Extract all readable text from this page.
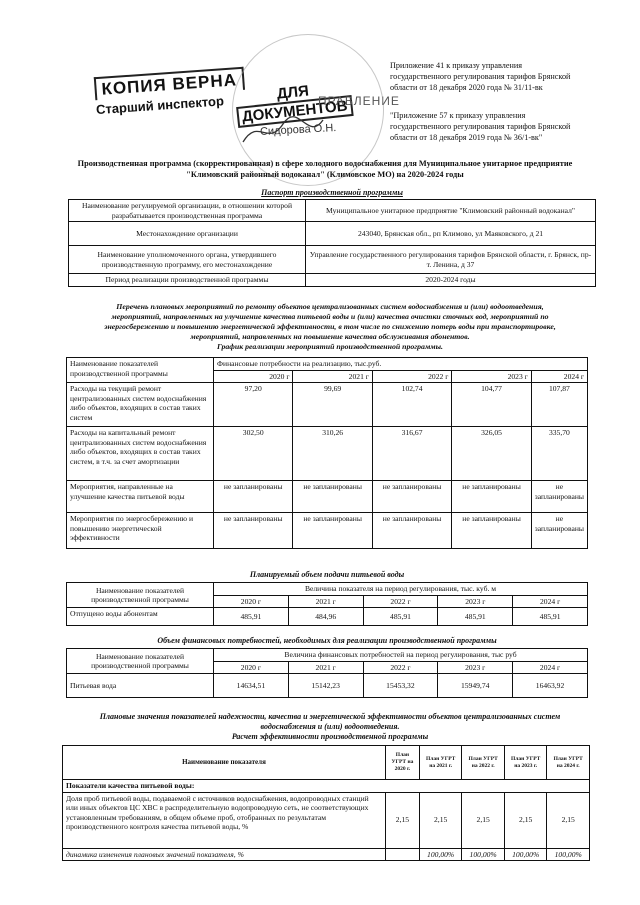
Приложение 41 к приказу управления
государственного регулирования тарифов Брянской
области от 18 декабря 2020 года № 31/11-вк
"Приложение 57 к приказу управления
государственного регулирования тарифов Брянской
области от 18 декабря 2019 года № 36/1-вк"
КОПИЯ ВЕРНА
Старший инспектор
ДЛЯ
ДОКУМЕНТОВ
ПРАВЛЕНИЕ
Сидорова О.Н.
Производственная программа (скорректированная) в сфере холодного водоснабжения для Муниципальное унитарное предприятие
"Климовский районный водоканал" (Климовское МО) на 2020-2024 годы
Паспорт производственной программы
Наименование регулируемой организации, в отношении которой разрабатывается производственная программа	Муниципальное унитарное предприятие "Климовский районный водоканал"
Местонахождение организации	243040, Брянская обл., рп Климово, ул Маяковского, д 21
Наименование уполномоченного органа, утвердившего производственную программу, его местонахождение	Управление государственного регулирования тарифов Брянской области, г. Брянск, пр-т. Ленина, д 37
Период реализации производственной программы	2020-2024 годы
Перечень плановых мероприятий по ремонту объектов централизованных систем водоснабжения и (или) водоотведения,
мероприятий, направленных на улучшение качества питьевой воды и (или) качества очистки сточных вод, мероприятий по
энергосбережению и повышению энергетической эффективности, в том числе по снижению потерь воды при транспортировке,
мероприятий, направленных на повышение качества обслуживания абонентов.
График реализации мероприятий производственной программы.
Наименование показателей производственной программы	Финансовые потребности на реализацию, тыс.руб.				
	2020 г	2021 г	2022 г	2023 г	2024 г
Расходы на текущий ремонт централизованных систем водоснабжения либо объектов, входящих в состав таких систем	97,20	99,69	102,74	104,77	107,87
Расходы на капитальный ремонт централизованных систем водоснабжения либо объектов, входящих в состав таких систем, в т.ч. за счет амортизации	302,50	310,26	316,67	326,05	335,70
Мероприятия, направленные на улучшение качества питьевой воды	не запланированы	не запланированы	не запланированы	не запланированы	не запланированы
Мероприятия по энергосбережению и повышению энергетической эффективности	не запланированы	не запланированы	не запланированы	не запланированы	не запланированы
Планируемый объем подачи питьевой воды
Наименование показателей производственной программы	Величина показателя на период регулирования, тыс. куб. м				
	2020 г	2021 г	2022 г	2023 г	2024 г
Отпущено воды абонентам	485,91	484,96	485,91	485,91	485,91
Объем финансовых потребностей, необходимых для реализации производственной программы
Наименование показателей производственной программы	Величина финансовых потребностей на период регулирования, тыс руб				
	2020 г	2021 г	2022 г	2023 г	2024 г
Питьевая вода	14634,51	15142,23	15453,32	15949,74	16463,92
Плановые значения показателей надежности, качества и энергетической эффективности объектов централизованных систем
водоснабжения и (или) водоотведения.
Расчет эффективности производственной программы
Наименование показателя	План УГРТ на 2020 г.	План УГРТ на 2021 г.	План УГРТ на 2022 г.	План УГРТ на 2023 г.	План УГРТ на 2024 г.
Показатели качества питьевой воды:					
Доля проб питьевой воды, подаваемой с источников водоснабжения, водопроводных станций или иных объектов ЦС ХВС в распределительную водопроводную сеть, не соответствующих установленным требованиям, в общем объеме проб, отобранных по результатам производственного контроля качества питьевой воды, %	2,15	2,15	2,15	2,15	2,15
динамика изменения плановых значений показателя, %		100,00%	100,00%	100,00%	100,00%
